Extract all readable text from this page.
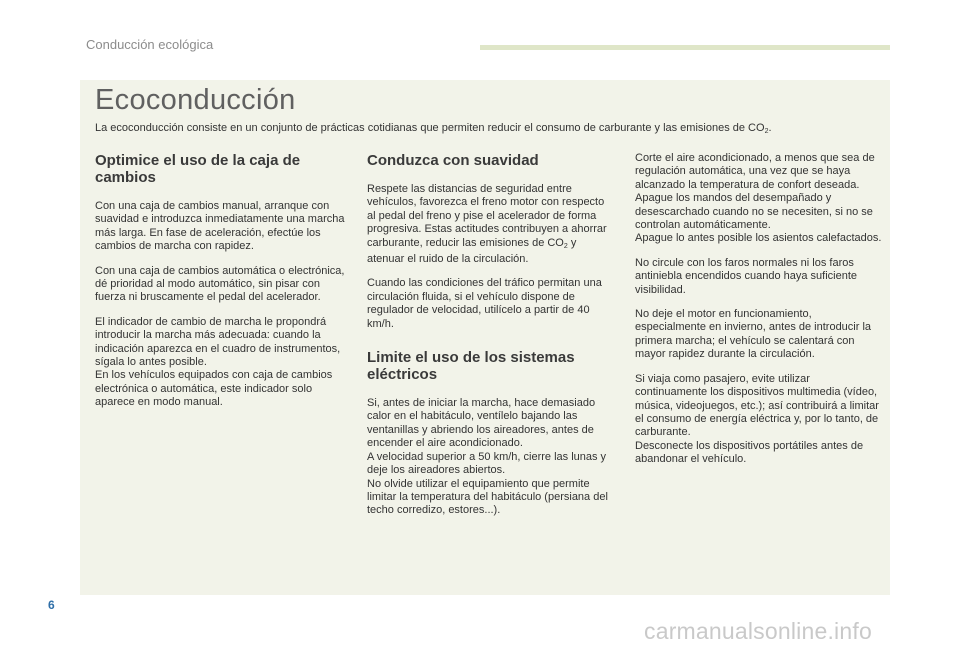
Conducción ecológica
Ecoconducción

La ecoconducción consiste en un conjunto de prácticas cotidianas que permiten reducir el consumo de carburante y las emisiones de $CO_2$.

Optimice el uso de la caja de cambios

Con una caja de cambios manual, arranque con suavidad e introduzca inmediatamente una marcha más larga. En fase de aceleración, efectúe los cambios de marcha con rapidez.

Con una caja de cambios automática o electrónica, dé prioridad al modo automático, sin pisar con fuerza ni bruscamente el pedal del acelerador.

El indicador de cambio de marcha le propondrá introducir la marcha más adecuada: cuando la indicación aparezca en el cuadro de instrumentos, sígala lo antes posible.
En los vehículos equipados con caja de cambios electrónica o automática, este indicador solo aparece en modo manual.

Conduzca con suavidad

Respete las distancias de seguridad entre vehículos, favorezca el freno motor con respecto al pedal del freno y pise el acelerador de forma progresiva. Estas actitudes contribuyen a ahorrar carburante, reducir las emisiones de $CO_2$ y atenuar el ruido de la circulación.

Cuando las condiciones del tráfico permitan una circulación fluida, si el vehículo dispone de regulador de velocidad, utilícelo a partir de 40 km/h.

Limite el uso de los sistemas eléctricos

Si, antes de iniciar la marcha, hace demasiado calor en el habitáculo, ventílelo bajando las ventanillas y abriendo los aireadores, antes de encender el aire acondicionado.
A velocidad superior a 50 km/h, cierre las lunas y deje los aireadores abiertos.
No olvide utilizar el equipamiento que permite limitar la temperatura del habitáculo (persiana del techo corredizo, estores...).

Corte el aire acondicionado, a menos que sea de regulación automática, una vez que se haya alcanzado la temperatura de confort deseada.
Apague los mandos del desempañado y desescarchado cuando no se necesiten, si no se controlan automáticamente.
Apague lo antes posible los asientos calefactados.

No circule con los faros normales ni los faros antiniebla encendidos cuando haya suficiente visibilidad.

No deje el motor en funcionamiento, especialmente en invierno, antes de introducir la primera marcha; el vehículo se calentará con mayor rapidez durante la circulación.

Si viaja como pasajero, evite utilizar continuamente los dispositivos multimedia (vídeo, música, videojuegos, etc.); así contribuirá a limitar el consumo de energía eléctrica y, por lo tanto, de carburante.
Desconecte los dispositivos portátiles antes de abandonar el vehículo.

6
carmanualsonline.info
